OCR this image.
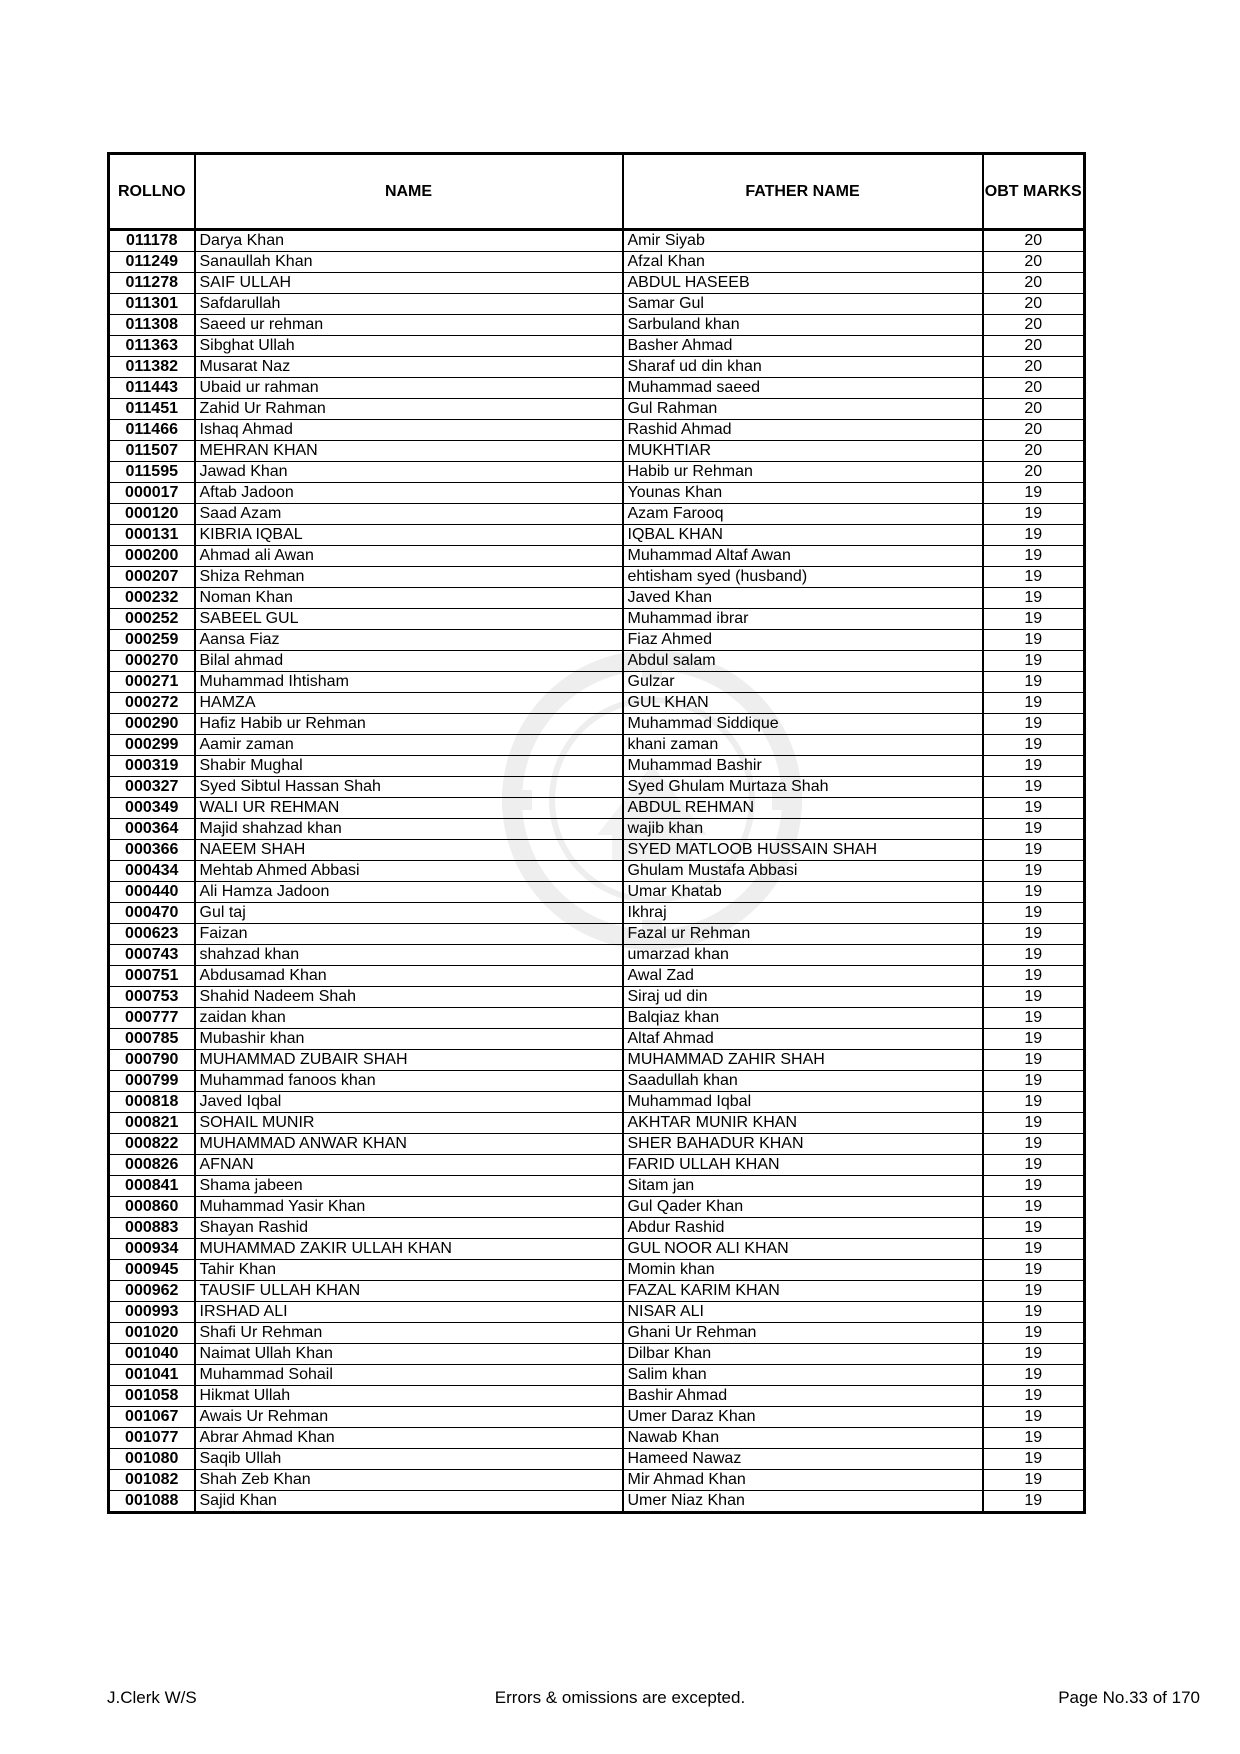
ROLLNO	NAME	FATHER NAME	OBT MARKS
011178	Darya Khan	Amir Siyab	20
011249	Sanaullah Khan	Afzal Khan	20
011278	SAIF ULLAH	ABDUL HASEEB	20
011301	Safdarullah	Samar Gul	20
011308	Saeed ur rehman	Sarbuland khan	20
011363	Sibghat Ullah	Basher Ahmad	20
011382	Musarat Naz	Sharaf ud din khan	20
011443	Ubaid ur rahman	Muhammad saeed	20
011451	Zahid Ur Rahman	Gul Rahman	20
011466	Ishaq Ahmad	Rashid Ahmad	20
011507	MEHRAN KHAN	MUKHTIAR	20
011595	Jawad Khan	Habib ur Rehman	20
000017	Aftab Jadoon	Younas Khan	19
000120	Saad Azam	Azam Farooq	19
000131	KIBRIA IQBAL	IQBAL KHAN	19
000200	Ahmad ali Awan	Muhammad Altaf Awan	19
000207	Shiza Rehman	ehtisham syed (husband)	19
000232	Noman Khan	Javed Khan	19
000252	SABEEL GUL	Muhammad ibrar	19
000259	Aansa Fiaz	Fiaz Ahmed	19
000270	Bilal ahmad	Abdul salam	19
000271	Muhammad Ihtisham	Gulzar	19
000272	HAMZA	GUL KHAN	19
000290	Hafiz Habib ur Rehman	Muhammad Siddique	19
000299	Aamir zaman	khani zaman	19
000319	Shabir Mughal	Muhammad Bashir	19
000327	Syed Sibtul Hassan Shah	Syed Ghulam Murtaza Shah	19
000349	WALI UR REHMAN	ABDUL REHMAN	19
000364	Majid shahzad khan	wajib khan	19
000366	NAEEM SHAH	SYED MATLOOB HUSSAIN SHAH	19
000434	Mehtab Ahmed Abbasi	Ghulam Mustafa Abbasi	19
000440	Ali Hamza Jadoon	Umar Khatab	19
000470	Gul taj	Ikhraj	19
000623	Faizan	Fazal ur Rehman	19
000743	shahzad khan	umarzad khan	19
000751	Abdusamad Khan	Awal Zad	19
000753	Shahid Nadeem Shah	Siraj ud din	19
000777	zaidan khan	Balqiaz khan	19
000785	Mubashir khan	Altaf Ahmad	19
000790	MUHAMMAD ZUBAIR SHAH	MUHAMMAD ZAHIR SHAH	19
000799	Muhammad fanoos khan	Saadullah khan	19
000818	Javed Iqbal	Muhammad Iqbal	19
000821	SOHAIL MUNIR	AKHTAR MUNIR KHAN	19
000822	MUHAMMAD ANWAR KHAN	SHER BAHADUR KHAN	19
000826	AFNAN	FARID ULLAH KHAN	19
000841	Shama jabeen	Sitam jan	19
000860	Muhammad Yasir Khan	Gul Qader Khan	19
000883	Shayan Rashid	Abdur Rashid	19
000934	MUHAMMAD ZAKIR ULLAH KHAN	GUL NOOR ALI KHAN	19
000945	Tahir Khan	Momin khan	19
000962	TAUSIF ULLAH KHAN	FAZAL KARIM KHAN	19
000993	IRSHAD ALI	NISAR ALI	19
001020	Shafi Ur Rehman	Ghani Ur Rehman	19
001040	Naimat Ullah Khan	Dilbar Khan	19
001041	Muhammad Sohail	Salim khan	19
001058	Hikmat Ullah	Bashir Ahmad	19
001067	Awais Ur Rehman	Umer Daraz Khan	19
001077	Abrar Ahmad Khan	Nawab Khan	19
001080	Saqib Ullah	Hameed Nawaz	19
001082	Shah Zeb Khan	Mir Ahmad Khan	19
001088	Sajid Khan	Umer Niaz Khan	19
J.Clerk W/S	Errors & omissions are excepted.	Page No.33 of 170
